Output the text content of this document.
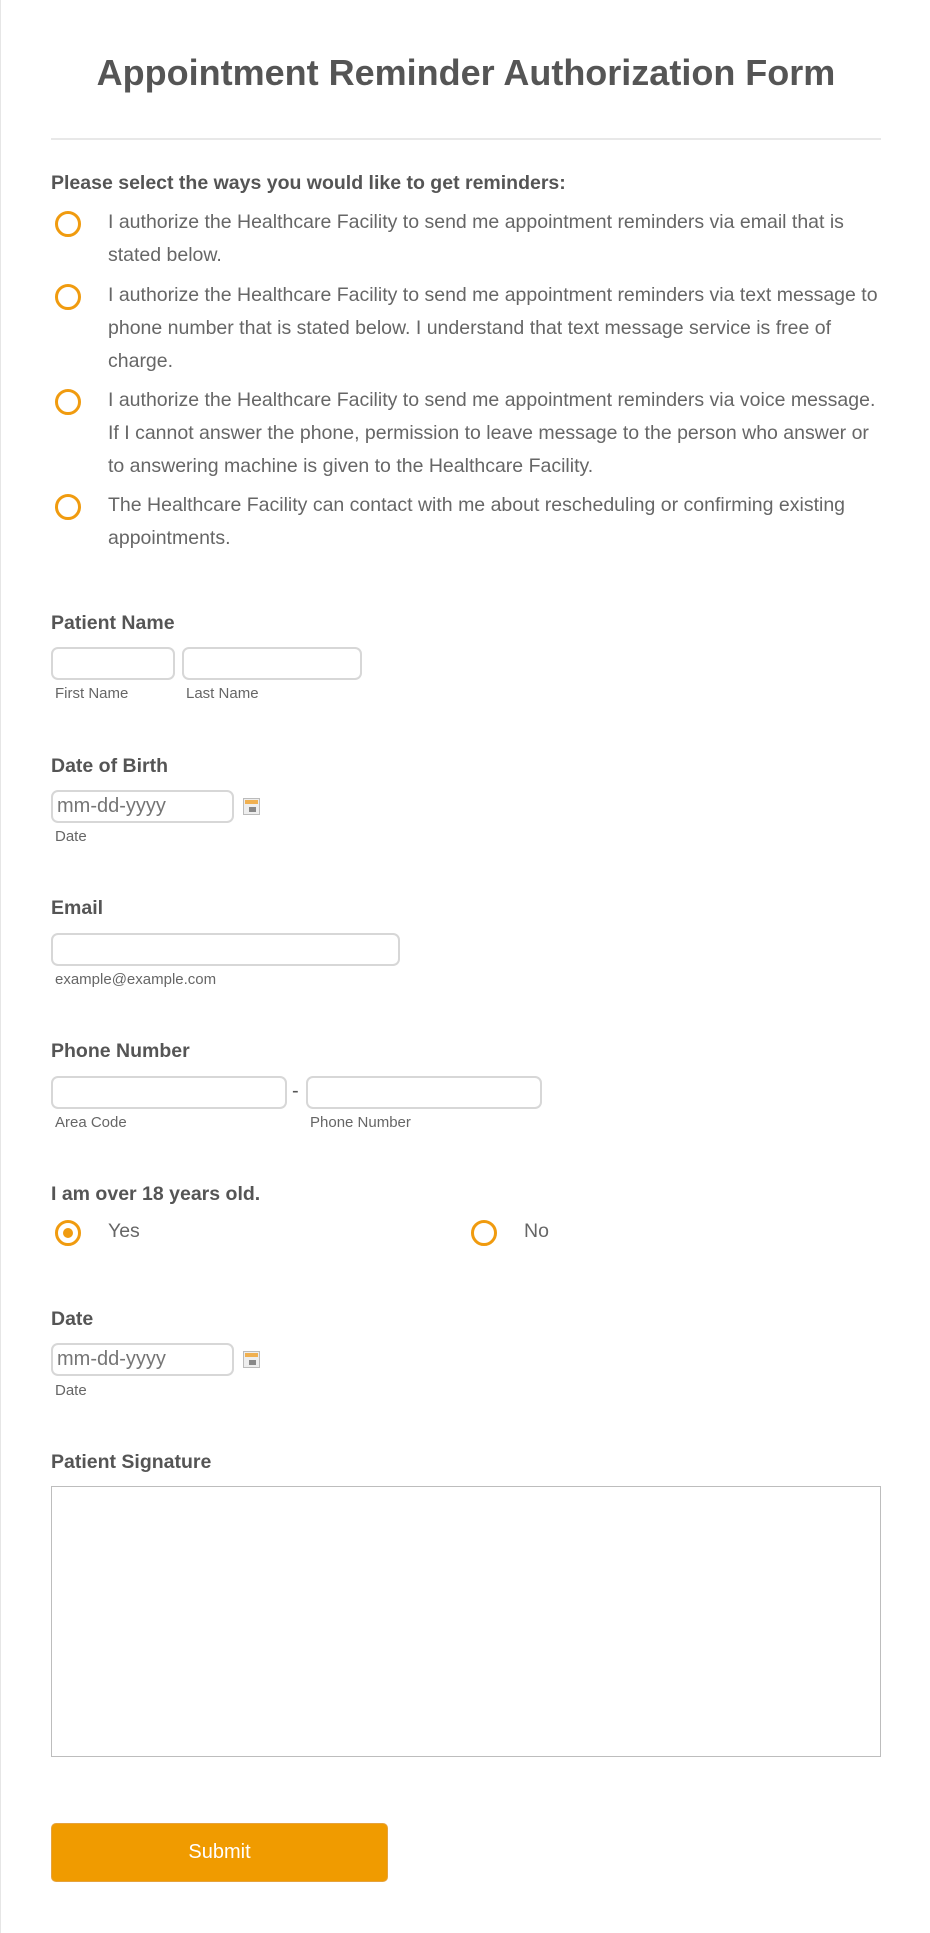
Appointment Reminder Authorization Form
Please select the ways you would like to get reminders:
I authorize the Healthcare Facility to send me appointment reminders via email that is stated below.
I authorize the Healthcare Facility to send me appointment reminders via text message to phone number that is stated below. I understand that text message service is free of charge.
I authorize the Healthcare Facility to send me appointment reminders via voice message. If I cannot answer the phone, permission to leave message to the person who answer or to answering machine is given to the Healthcare Facility.
The Healthcare Facility can contact with me about rescheduling or confirming existing appointments.
Patient Name
First Name	Last Name
Date of Birth
mm-dd-yyyy
Date
Email
example@example.com
Phone Number
-
Area Code	Phone Number
I am over 18 years old.
Yes	No
Date
mm-dd-yyyy
Date
Patient Signature
Submit
